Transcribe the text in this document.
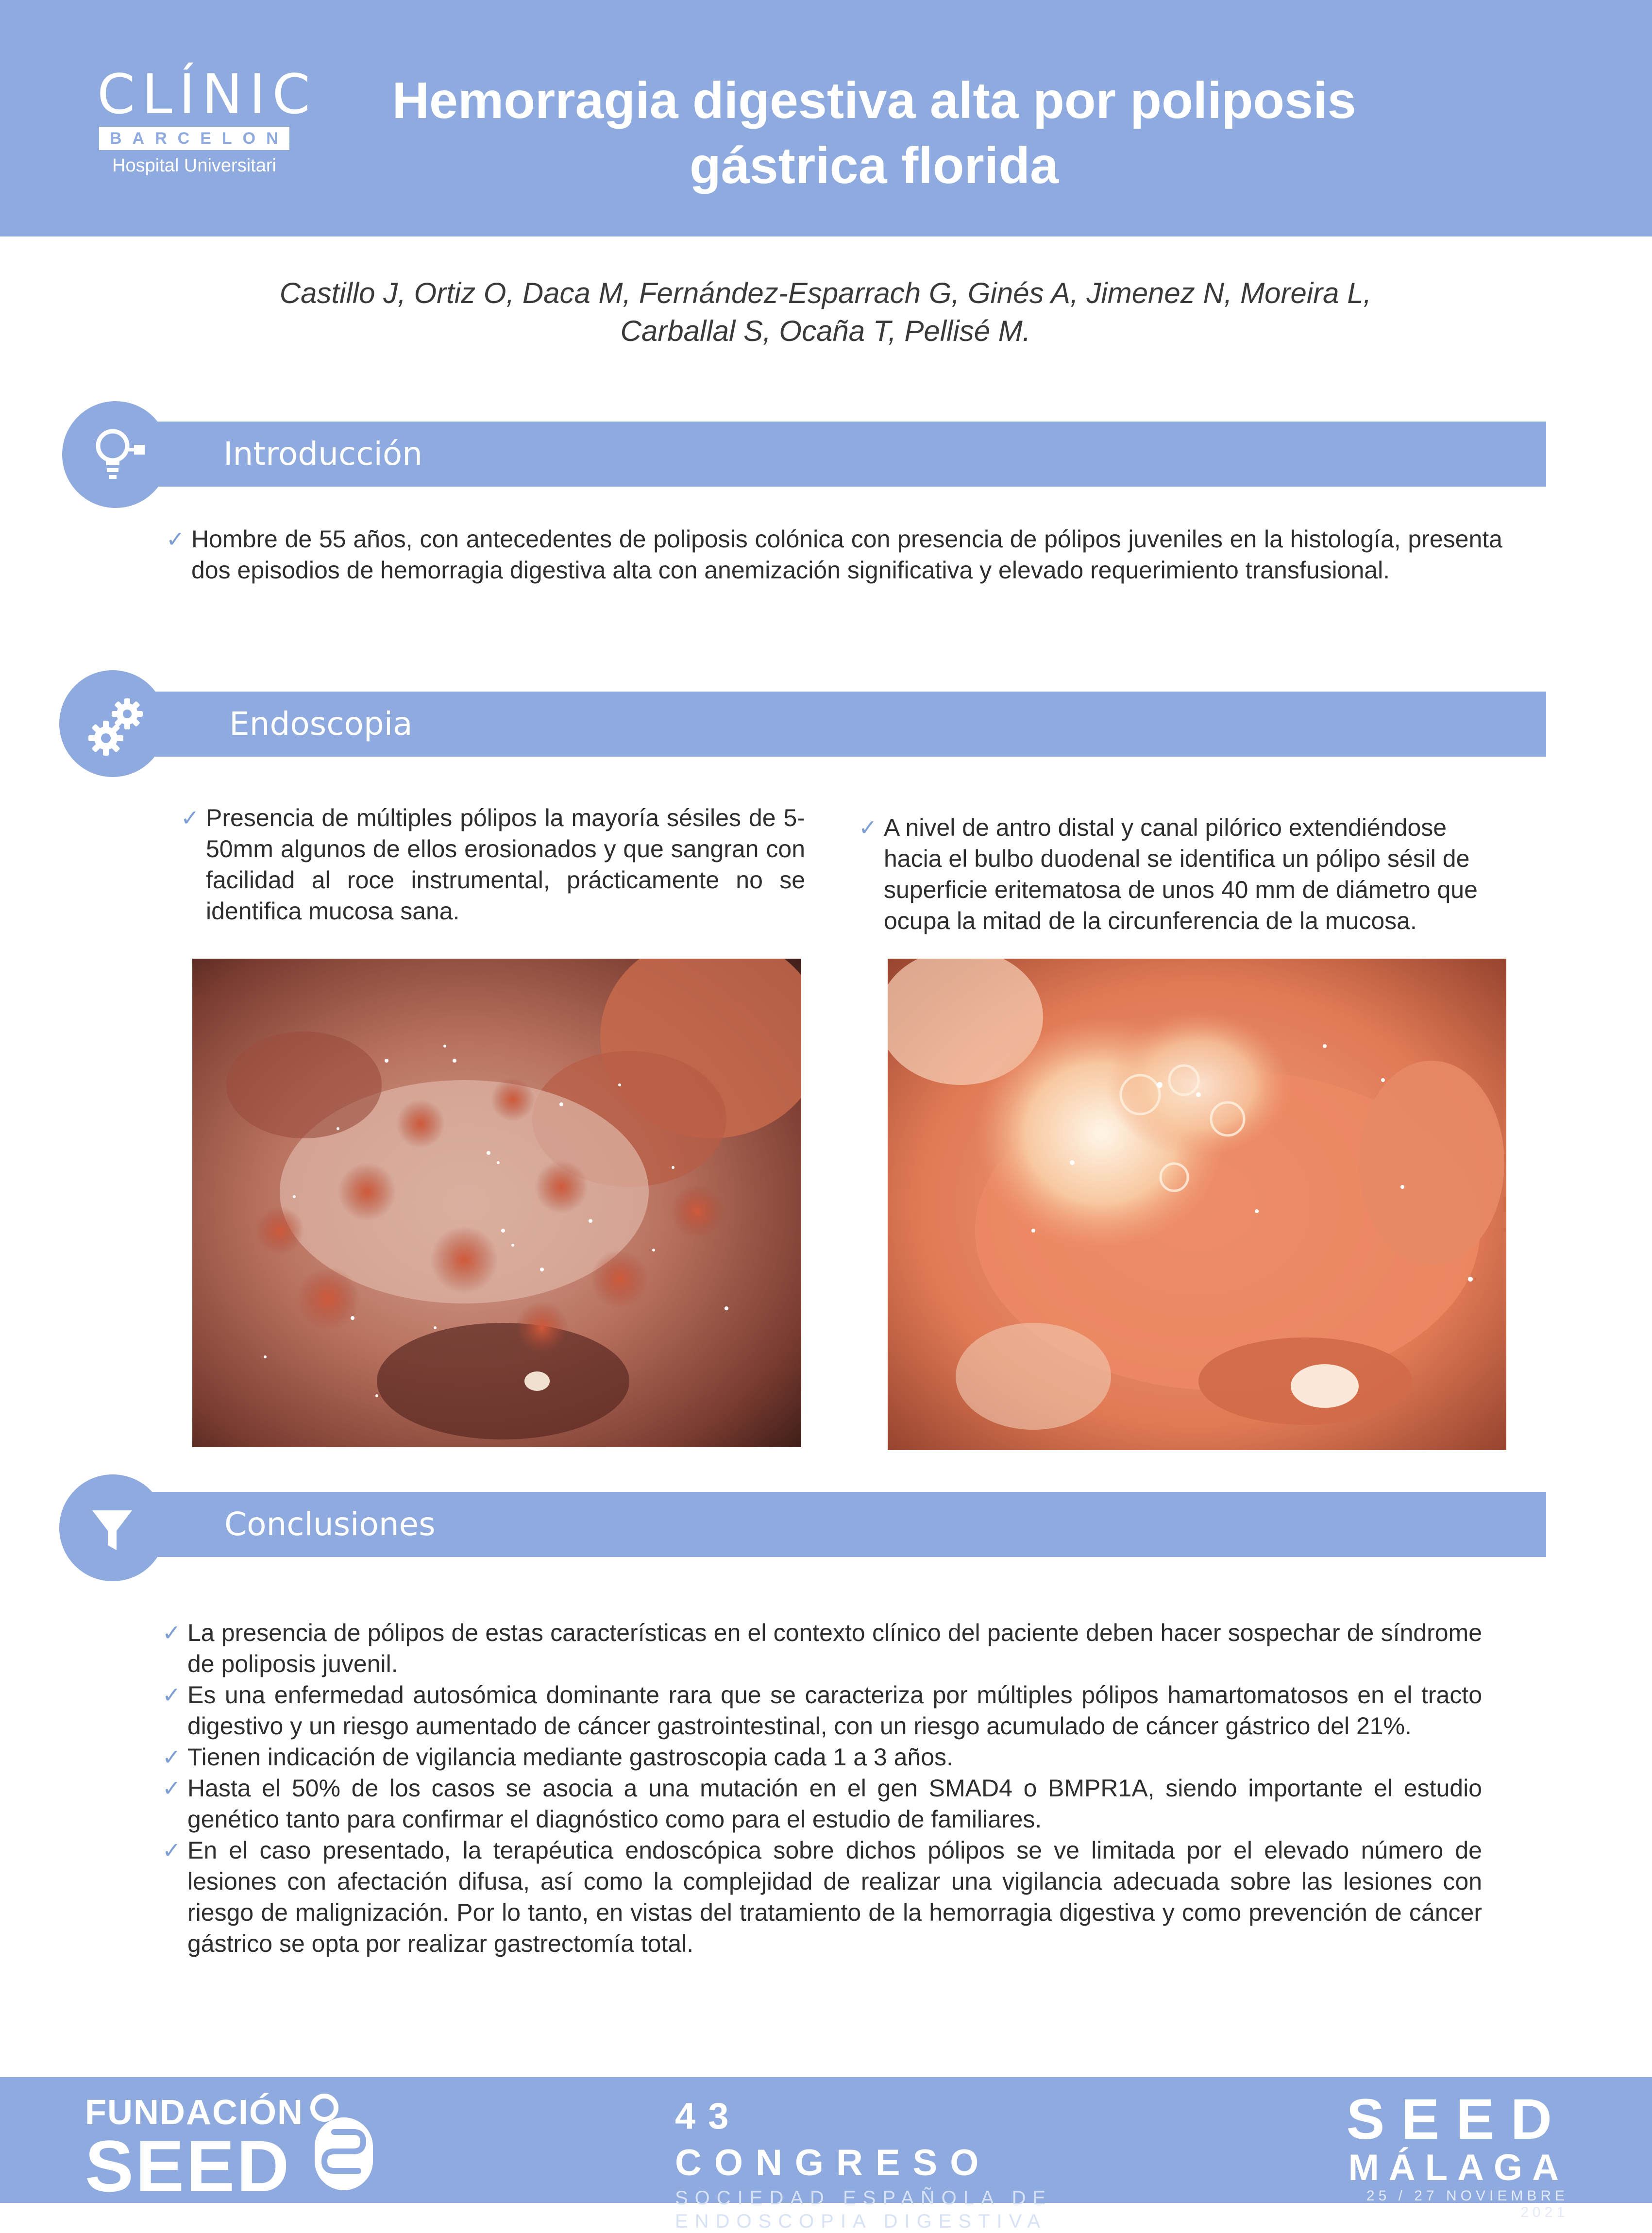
CLÍNIC
BARCELONA
Hospital Universitari
Hemorragia digestiva alta por poliposis
gástrica florida
Castillo J, Ortiz O, Daca M, Fernández-Esparrach G, Ginés A, Jimenez N, Moreira L,
Carballal S, Ocaña T, Pellisé M.
Introducción
✓ Hombre de 55 años, con antecedentes de poliposis colónica con presencia de pólipos juveniles en la histología, presenta dos episodios de hemorragia digestiva alta con anemización significativa y elevado requerimiento transfusional.
Endoscopia
✓ Presencia de múltiples pólipos la mayoría sésiles de 5-50mm algunos de ellos erosionados y que sangran con facilidad al roce instrumental, prácticamente no se identifica mucosa sana.
✓ A nivel de antro distal y canal pilórico extendiéndose hacia el bulbo duodenal se identifica un pólipo sésil de superficie eritematosa de unos 40 mm de diámetro que ocupa la mitad de la circunferencia de la mucosa.
Conclusiones
✓ La presencia de pólipos de estas características en el contexto clínico del paciente deben hacer sospechar de síndrome de poliposis juvenil.
✓ Es una enfermedad autosómica dominante rara que se caracteriza por múltiples pólipos hamartomatosos en el tracto digestivo y un riesgo aumentado de cáncer gastrointestinal, con un riesgo acumulado de cáncer gástrico del 21%.
✓ Tienen indicación de vigilancia mediante gastroscopia cada 1 a 3 años.
✓ Hasta el 50% de los casos se asocia a una mutación en el gen SMAD4 o BMPR1A, siendo importante el estudio genético tanto para confirmar el diagnóstico como para el estudio de familiares.
✓ En el caso presentado, la terapéutica endoscópica sobre dichos pólipos se ve limitada por el elevado número de lesiones con afectación difusa, así como la complejidad de realizar una vigilancia adecuada sobre las lesiones con riesgo de malignización. Por lo tanto, en vistas del tratamiento de la hemorragia digestiva y como prevención de cáncer gástrico se opta por realizar gastrectomía total.
FUNDACIÓN
SEED
43 CONGRESO
SOCIEDAD ESPAÑOLA DE
ENDOSCOPIA DIGESTIVA
SEED
MÁLAGA
25 / 27 NOVIEMBRE 2021
